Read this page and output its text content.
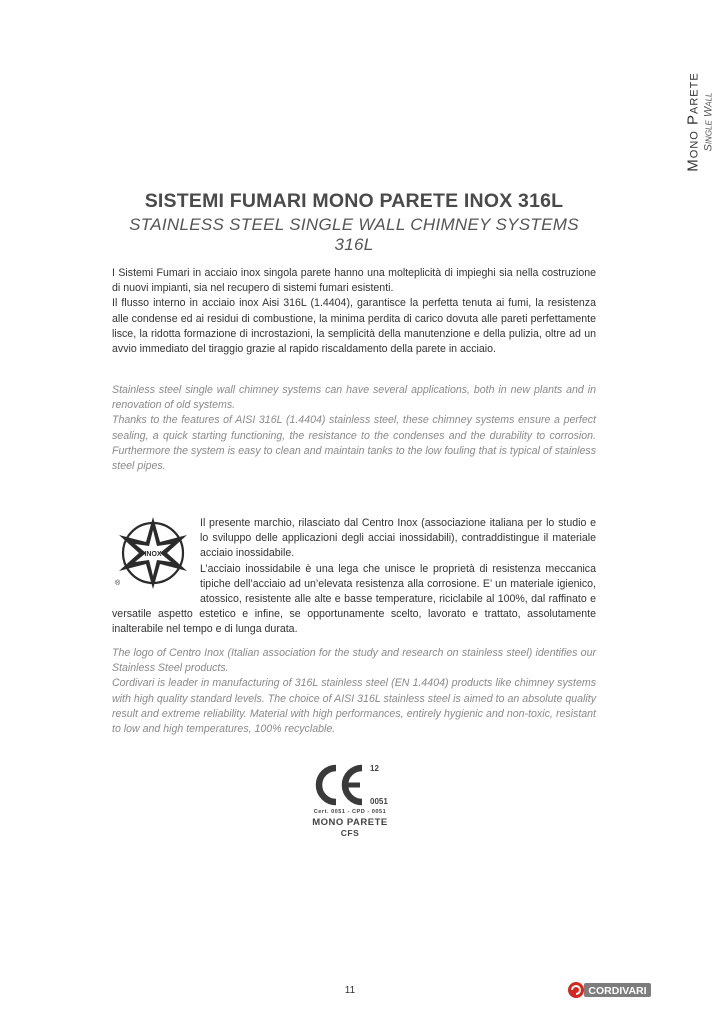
Mono Parete Single Wall
SISTEMI FUMARI MONO PARETE INOX 316L
STAINLESS STEEL SINGLE WALL CHIMNEY SYSTEMS 316L

I Sistemi Fumari in acciaio inox singola parete hanno una molteplicità di impieghi sia nella costruzione di nuovi impianti, sia nel recupero di sistemi fumari esistenti.

Il flusso interno in acciaio inox Aisi 316L (1.4404), garantisce la perfetta tenuta ai fumi, la resistenza alle condense ed ai residui di combustione, la minima perdita di carico dovuta alle pareti perfettamente lisce, la ridotta formazione di incrostazioni, la semplicità della manutenzione e della pulizia, oltre ad un avvio immediato del tiraggio grazie al rapido riscaldamento della parete in acciaio.

Stainless steel single wall chimney systems can have several applications, both in new plants and in renovation of old systems.

Thanks to the features of AISI 316L (1.4404) stainless steel, these chimney systems ensure a perfect sealing, a quick starting functioning, the resistance to the condenses and the durability to corrosion. Furthermore the system is easy to clean and maintain tanks to the low fouling that is typical of stainless steel pipes.

INOX
®

Il presente marchio, rilasciato dal Centro Inox (associazione italiana per lo studio e lo sviluppo delle applicazioni degli acciai inossidabili), contraddistingue il materiale acciaio inossidabile.

L’acciaio inossidabile è una lega che unisce le proprietà di resistenza meccanica tipiche dell’acciaio ad un’elevata resistenza alla corrosione. E’ un materiale igienico, atossico, resistente alle alte e basse temperature, riciclabile al 100%, dal raffinato e versatile aspetto estetico e infine, se opportunamente scelto, lavorato e trattato, assolutamente inalterabile nel tempo e di lunga durata.

The logo of Centro Inox (Italian association for the study and research on stainless steel) identifies our Stainless Steel products.

Cordivari is leader in manufacturing of 316L stainless steel (EN 1.4404) products like chimney systems with high quality standard levels. The choice of AISI 316L stainless steel is aimed to an absolute quality result and extreme reliability. Material with high performances, entirely hygienic and non-toxic, resistant to low and high temperatures, 100% recyclable.

12
0051
Cert. 0051 - CPD - 0051
MONO PARETE
CFS
11	CORDIVARI
